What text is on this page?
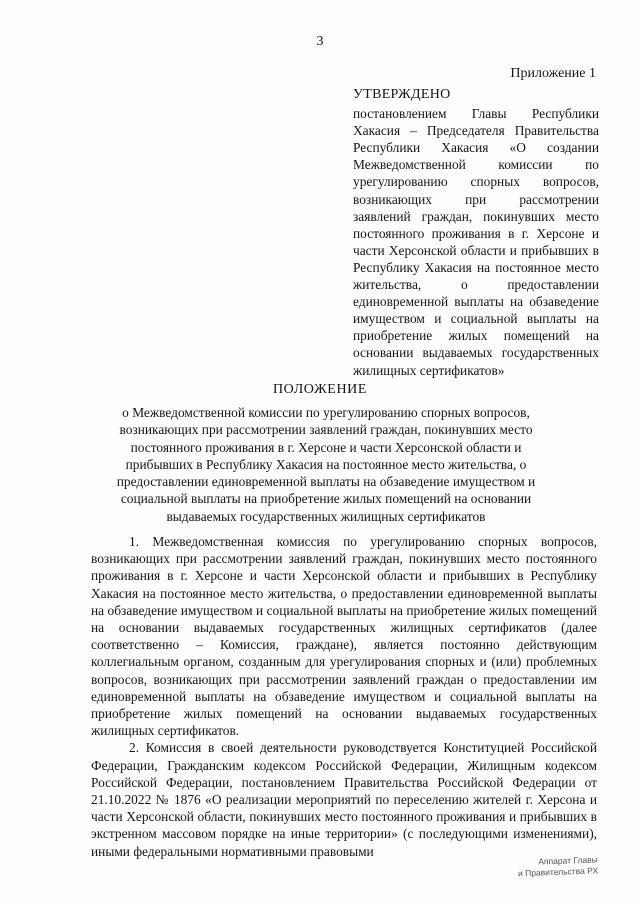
3
Приложение 1
УТВЕРЖДЕНО
постановлением Главы Республики Хакасия – Председателя Правительства Республики Хакасия «О создании Межведомственной комиссии по урегулированию спорных вопросов, возникающих при рассмотрении заявлений граждан, покинувших место постоянного проживания в г. Херсоне и части Херсонской области и прибывших в Республику Хакасия на постоянное место жительства, о предоставлении единовременной выплаты на обзаведение имуществом и социальной выплаты на приобретение жилых помещений на основании выдаваемых государственных жилищных сертификатов»
ПОЛОЖЕНИЕ
о Межведомственной комиссии по урегулированию спорных вопросов, возникающих при рассмотрении заявлений граждан, покинувших место постоянного проживания в г. Херсоне и части Херсонской области и прибывших в Республику Хакасия на постоянное место жительства, о предоставлении единовременной выплаты на обзаведение имуществом и социальной выплаты на приобретение жилых помещений на основании выдаваемых государственных жилищных сертификатов

1. Межведомственная комиссия по урегулированию спорных вопросов, возникающих при рассмотрении заявлений граждан, покинувших место постоянного проживания в г. Херсоне и части Херсонской области и прибывших в Республику Хакасия на постоянное место жительства, о предоставлении единовременной выплаты на обзаведение имуществом и социальной выплаты на приобретение жилых помещений на основании выдаваемых государственных жилищных сертификатов (далее соответственно – Комиссия, граждане), является постоянно действующим коллегиальным органом, созданным для урегулирования спорных и (или) проблемных вопросов, возникающих при рассмотрении заявлений граждан о предоставлении им единовременной выплаты на обзаведение имуществом и социальной выплаты на приобретение жилых помещений на основании выдаваемых государственных жилищных сертификатов.

2. Комиссия в своей деятельности руководствуется Конституцией Российской Федерации, Гражданским кодексом Российской Федерации, Жилищным кодексом Российской Федерации, постановлением Правительства Российской Федерации от 21.10.2022 № 1876 «О реализации мероприятий по переселению жителей г. Херсона и части Херсонской области, покинувших место постоянного проживания и прибывших в экстренном массовом порядке на иные территории» (с последующими изменениями), иными федеральными нормативными правовыми

Аппарат Главы
и Правительства РХ
